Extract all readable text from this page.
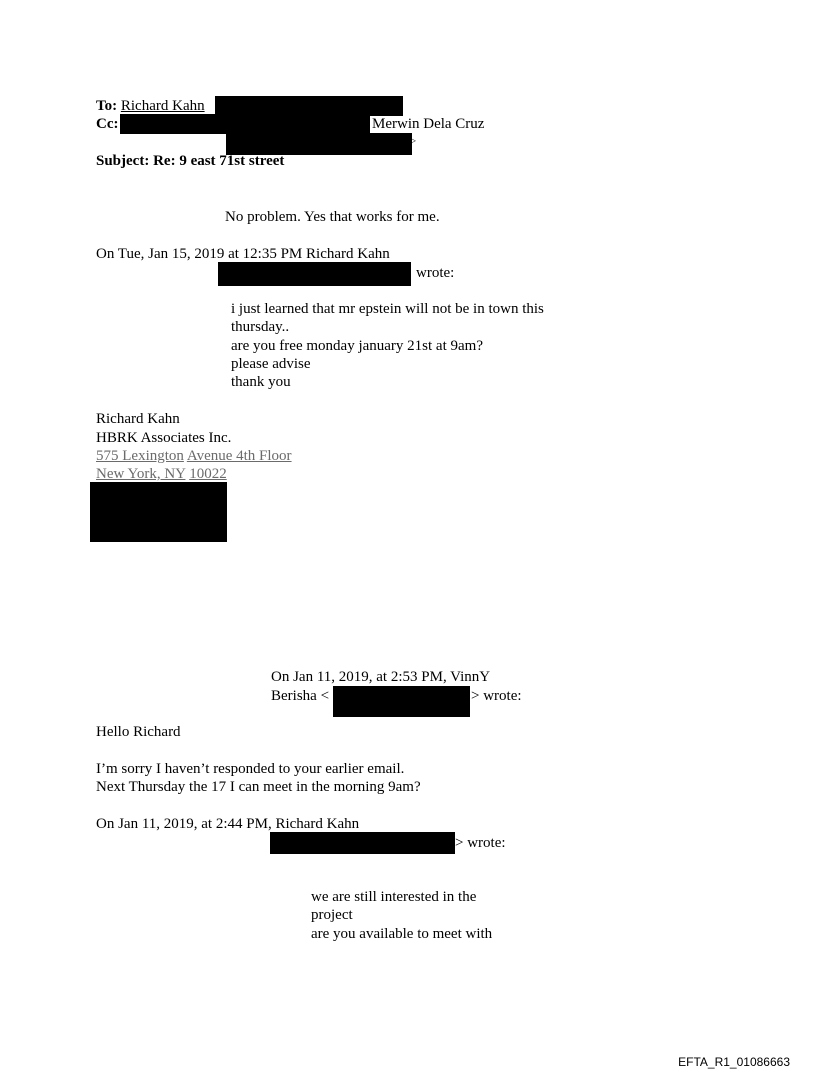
To: Richard Kahn
Cc:	Merwin Dela Cruz
>
Subject: Re: 9 east 71st street
No problem. Yes that works for me.
On Tue, Jan 15, 2019 at 12:35 PM Richard Kahn
wrote:
i just learned that mr epstein will not be in town this
thursday..
are you free monday january 21st at 9am?
please advise
thank you
Richard Kahn
HBRK Associates Inc.
575 Lexington Avenue 4th Floor
New York, NY 10022
On Jan 11, 2019, at 2:53 PM, VinnY
Berisha <	> wrote:
Hello Richard
I’m sorry I haven’t responded to your earlier email.
Next Thursday the 17 I can meet in the morning 9am?
On Jan 11, 2019, at 2:44 PM, Richard Kahn
> wrote:
we are still interested in the
project
are you available to meet with
EFTA_R1_01086663
